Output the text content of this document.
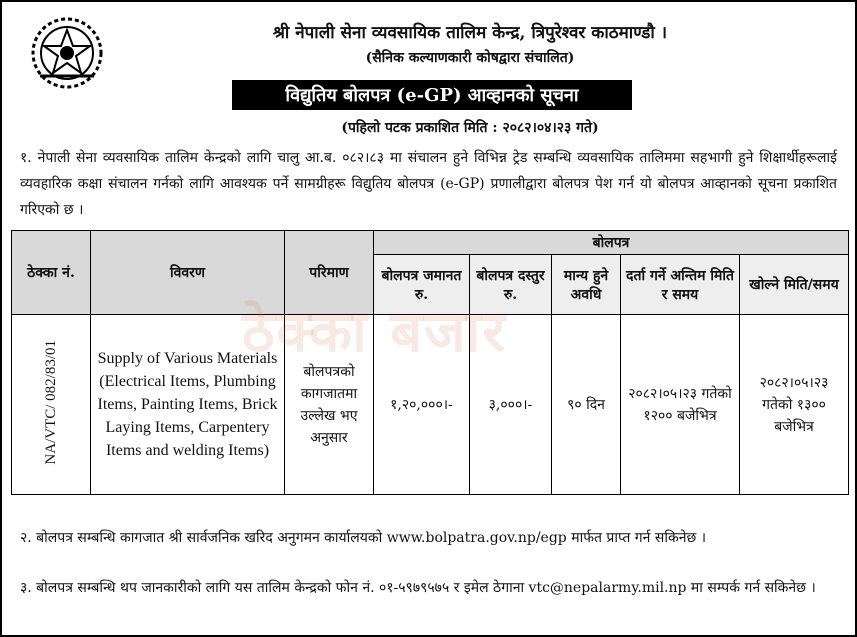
श्री नेपाली सेना व्यवसायिक तालिम केन्द्र, त्रिपुरेश्वर काठमाण्डौ ।
(सैनिक कल्याणकारी कोषद्वारा संचालित)
विद्युतिय बोलपत्र (e-GP) आव्हानको सूचना
(पहिलो पटक प्रकाशित मिति : २०८२।०४।२३ गते)
१. नेपाली सेना व्यवसायिक तालिम केन्द्रको लागि चालु आ.ब. ०८२।८३ मा संचालन हुने विभिन्न ट्रेड सम्बन्धि व्यवसायिक तालिममा सहभागी हुने शिक्षार्थीहरूलाई व्यवहारिक कक्षा संचालन गर्नको लागि आवश्यक पर्ने सामग्रीहरू विद्युतिय बोलपत्र (e-GP) प्रणालीद्वारा बोलपत्र पेश गर्न यो बोलपत्र आव्हानको सूचना प्रकाशित गरिएको छ ।
ठेक्का नं.	विवरण	परिमाण	बोलपत्र				
			बोलपत्र जमानत रु.	बोलपत्र दस्तुर रु.	मान्य हुने अवधि	दर्ता गर्ने अन्तिम मिति र समय	खोल्ने मिति/समय
NA/VTC/ 082/83/01	Supply of Various Materials (Electrical Items, Plumbing Items, Painting Items, Brick Laying Items, Carpentery Items and welding Items)	बोलपत्रको कागजातमा उल्लेख भए अनुसार	१,२०,०००।-	३,०००।-	९० दिन	२०८२।०५।२३ गतेको १२०० बजेभित्र	२०८२।०५।२३ गतेको १३०० बजेभित्र
ठेक्का बजार
२. बोलपत्र सम्बन्धि कागजात श्री सार्वजनिक खरिद अनुगमन कार्यालयको www.bolpatra.gov.np/egp मार्फत प्राप्त गर्न सकिनेछ ।
३. बोलपत्र सम्बन्धि थप जानकारीको लागि यस तालिम केन्द्रको फोन नं. ०१-५९७९५७५ र इमेल ठेगाना vtc@nepalarmy.mil.np मा सम्पर्क गर्न सकिनेछ ।
